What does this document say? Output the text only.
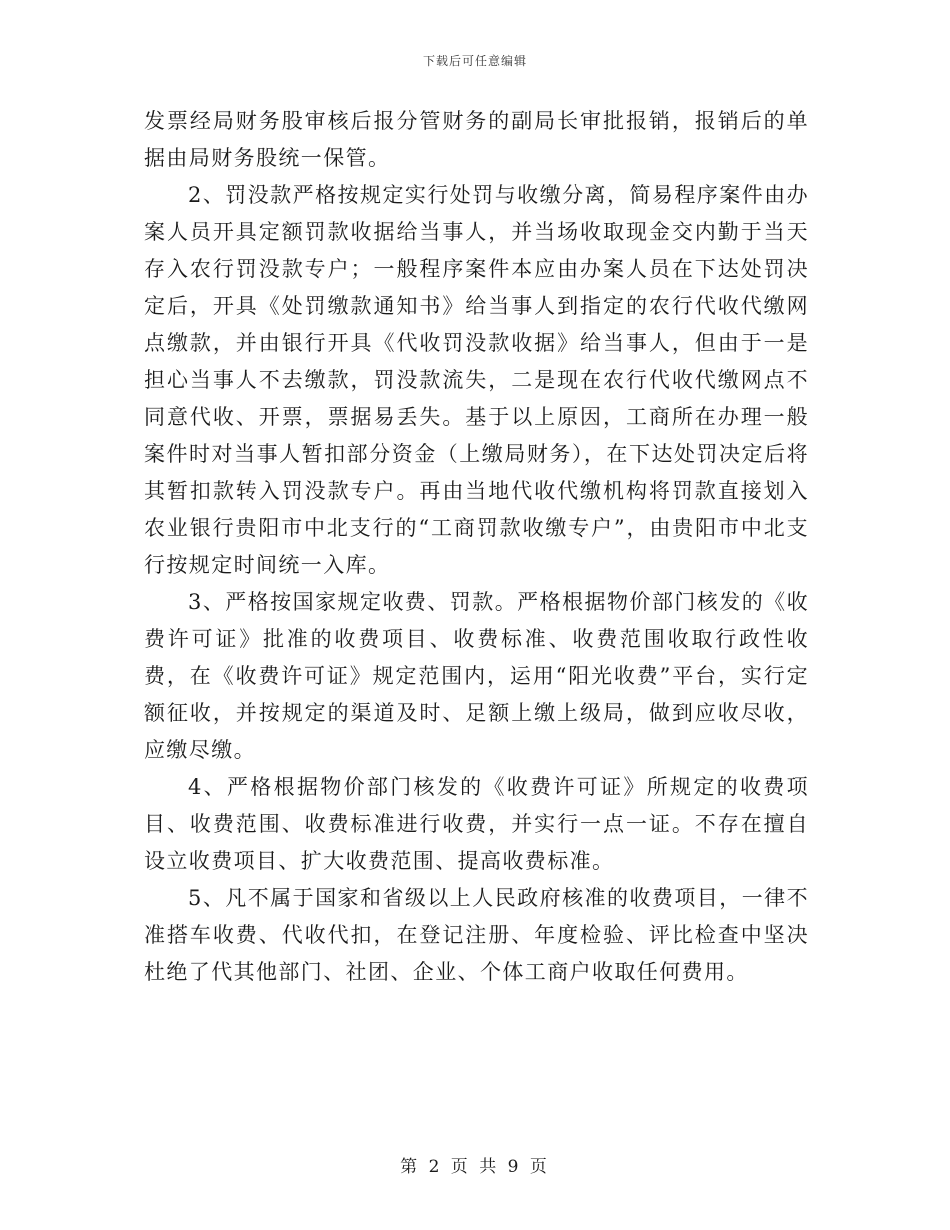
下载后可任意编辑

发票经局财务股审核后报分管财务的副局长审批报销，报销后的单据由局财务股统一保管。

2、罚没款严格按规定实行处罚与收缴分离，简易程序案件由办案人员开具定额罚款收据给当事人，并当场收取现金交内勤于当天存入农行罚没款专户；一般程序案件本应由办案人员在下达处罚决定后，开具《处罚缴款通知书》给当事人到指定的农行代收代缴网点缴款，并由银行开具《代收罚没款收据》给当事人，但由于一是担心当事人不去缴款，罚没款流失，二是现在农行代收代缴网点不同意代收、开票，票据易丢失。基于以上原因，工商所在办理一般案件时对当事人暂扣部分资金（上缴局财务），在下达处罚决定后将其暂扣款转入罚没款专户。再由当地代收代缴机构将罚款直接划入农业银行贵阳市中北支行的“工商罚款收缴专户”，由贵阳市中北支行按规定时间统一入库。

3、严格按国家规定收费、罚款。严格根据物价部门核发的《收费许可证》批准的收费项目、收费标准、收费范围收取行政性收费，在《收费许可证》规定范围内，运用“阳光收费”平台，实行定额征收，并按规定的渠道及时、足额上缴上级局，做到应收尽收，应缴尽缴。

4、严格根据物价部门核发的《收费许可证》所规定的收费项目、收费范围、收费标准进行收费，并实行一点一证。不存在擅自设立收费项目、扩大收费范围、提高收费标准。

5、凡不属于国家和省级以上人民政府核准的收费项目，一律不准搭车收费、代收代扣，在登记注册、年度检验、评比检查中坚决杜绝了代其他部门、社团、企业、个体工商户收取任何费用。

第 2 页 共 9 页
